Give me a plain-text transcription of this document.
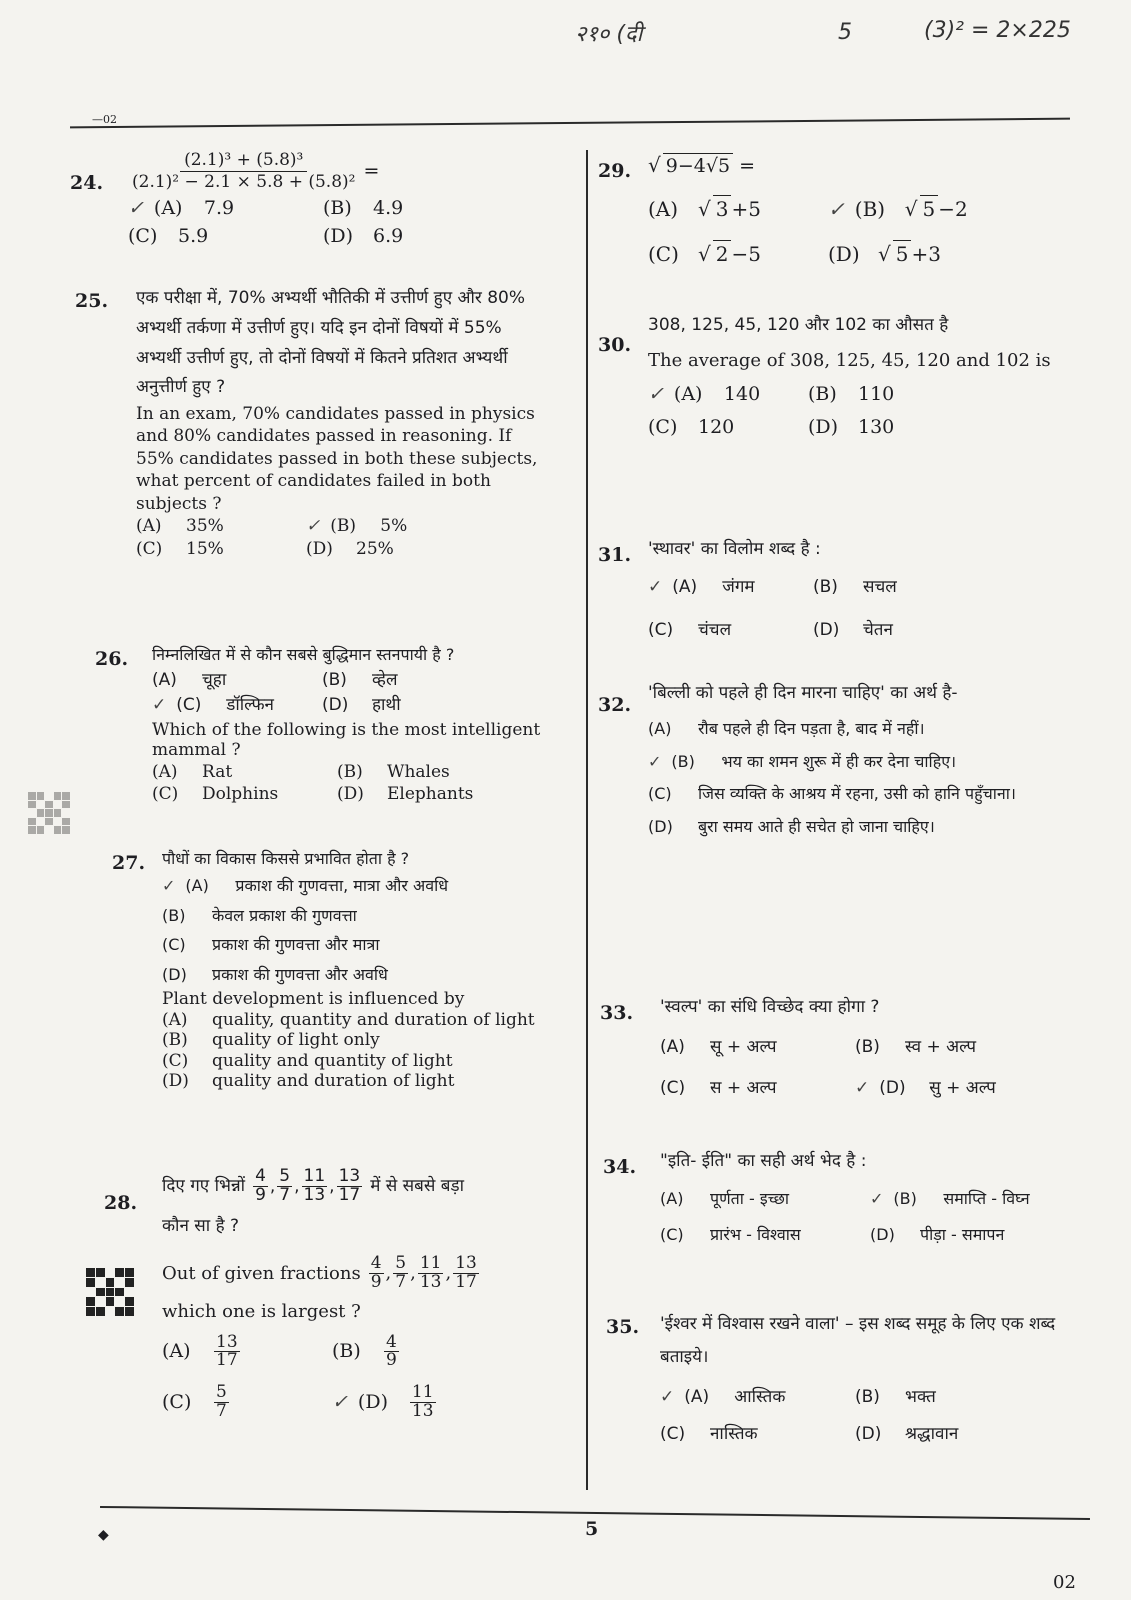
२१० (दी	5	(3)² = 2×225
—02
24. $\frac{\text{(2.1)³ + (5.8)³}}{\text{(2.1)² − 2.1 × 5.8 + (5.8)²}}$ =
✓ (A)	7.9	(B)	4.9
(C)	5.9	(D)	6.9
25. एक परीक्षा में, 70% अभ्यर्थी भौतिकी में उत्तीर्ण हुए और 80% अभ्यर्थी तर्कणा में उत्तीर्ण हुए। यदि इन दोनों विषयों में 55% अभ्यर्थी उत्तीर्ण हुए, तो दोनों विषयों में कितने प्रतिशत अभ्यर्थी अनुत्तीर्ण हुए ?
In an exam, 70% candidates passed in physics and 80% candidates passed in reasoning. If 55% candidates passed in both these subjects, what percent of candidates failed in both subjects ?
(A)	35%	✓ (B)	5%
(C)	15%	(D)	25%
26. निम्नलिखित में से कौन सबसे बुद्धिमान स्तनपायी है ?
(A)	चूहा	(B)	व्हेल
✓ (C)	डॉल्फिन	(D)	हाथी
Which of the following is the most intelligent mammal ?
(A)	Rat	(B)	Whales
(C)	Dolphins	(D)	Elephants
27. पौधों का विकास किससे प्रभावित होता है ?
✓ (A)	प्रकाश की गुणवत्ता, मात्रा और अवधि
(B)	केवल प्रकाश की गुणवत्ता
(C)	प्रकाश की गुणवत्ता और मात्रा
(D)	प्रकाश की गुणवत्ता और अवधि
Plant development is influenced by
(A)	quality, quantity and duration of light
(B)	quality of light only
(C)	quality and quantity of light
(D)	quality and duration of light
28.
दिए गए भिन्नों $\frac{4}{9}$ , $\frac{5}{7}$ , $\frac{11}{13}$ , $\frac{13}{17}$ में से सबसे बड़ा
कौन सा है ?
Out of given fractions $\frac{4}{9}$ , $\frac{5}{7}$ , $\frac{11}{13}$ , $\frac{13}{17}$
which one is largest ?
(A)	$\frac{13}{17}$	(B)	$\frac{4}{9}$
(C)	$\frac{5}{7}$	✓ (D)	$\frac{11}{13}$
29. √ 9−4√5 =
(A) √ 3 +5	✓ (B) √ 5 −2
(C) √ 2 −5	(D) √ 5 +3
30.
308, 125, 45, 120 और 102 का औसत है
The average of 308, 125, 45, 120 and 102 is
✓ (A)	140	(B)	110
(C)	120	(D)	130
31. 'स्थावर' का विलोम शब्द है :
✓ (A)	जंगम	(B)	सचल
(C)	चंचल	(D)	चेतन
32.
'बिल्ली को पहले ही दिन मारना चाहिए' का अर्थ है-
(A)	रौब पहले ही दिन पड़ता है, बाद में नहीं।
✓ (B)	भय का शमन शुरू में ही कर देना चाहिए।
(C)	जिस व्यक्ति के आश्रय में रहना, उसी को हानि पहुँचाना।
(D)	बुरा समय आते ही सचेत हो जाना चाहिए।
33. 'स्वल्प' का संधि विच्छेद क्या होगा ?
(A)	सू + अल्प	(B)	स्व + अल्प
(C)	स + अल्प	✓ (D)	सु + अल्प
34. "इति- ईति" का सही अर्थ भेद है :
(A)	पूर्णता - इच्छा	✓ (B)	समाप्ति - विघ्न
(C)	प्रारंभ - विश्वास	(D)	पीड़ा - समापन
35. 'ईश्वर में विश्वास रखने वाला' – इस शब्द समूह के लिए एक शब्द बताइये।
✓ (A)	आस्तिक	(B)	भक्त
(C)	नास्तिक	(D)	श्रद्धावान
◆	5
02
